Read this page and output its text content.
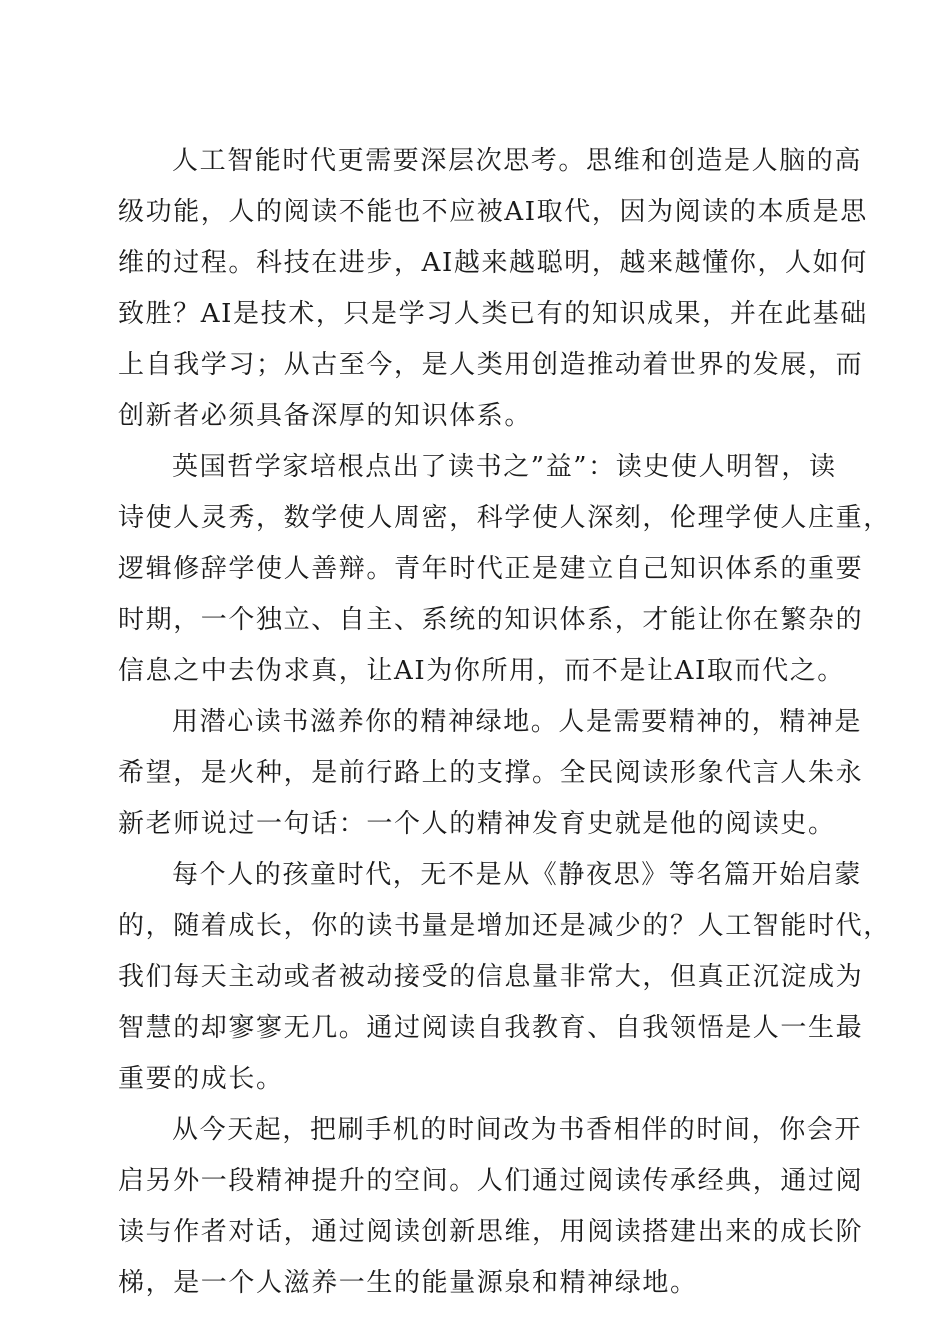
人工智能时代更需要深层次思考。思维和创造是人脑的高
级功能，人的阅读不能也不应被AI取代，因为阅读的本质是思
维的过程。科技在进步，AI越来越聪明，越来越懂你，人如何
致胜？AI是技术，只是学习人类已有的知识成果，并在此基础
上自我学习；从古至今，是人类用创造推动着世界的发展，而
创新者必须具备深厚的知识体系。

英国哲学家培根点出了读书之”益”：读史使人明智，读
诗使人灵秀，数学使人周密，科学使人深刻，伦理学使人庄重，
逻辑修辞学使人善辩。青年时代正是建立自己知识体系的重要
时期，一个独立、自主、系统的知识体系，才能让你在繁杂的
信息之中去伪求真，让AI为你所用，而不是让AI取而代之。

用潜心读书滋养你的精神绿地。人是需要精神的，精神是
希望，是火种，是前行路上的支撑。全民阅读形象代言人朱永
新老师说过一句话：一个人的精神发育史就是他的阅读史。

每个人的孩童时代，无不是从《静夜思》等名篇开始启蒙
的，随着成长，你的读书量是增加还是减少的？人工智能时代，
我们每天主动或者被动接受的信息量非常大，但真正沉淀成为
智慧的却寥寥无几。通过阅读自我教育、自我领悟是人一生最
重要的成长。

从今天起，把刷手机的时间改为书香相伴的时间，你会开
启另外一段精神提升的空间。人们通过阅读传承经典，通过阅
读与作者对话，通过阅读创新思维，用阅读搭建出来的成长阶
梯，是一个人滋养一生的能量源泉和精神绿地。
